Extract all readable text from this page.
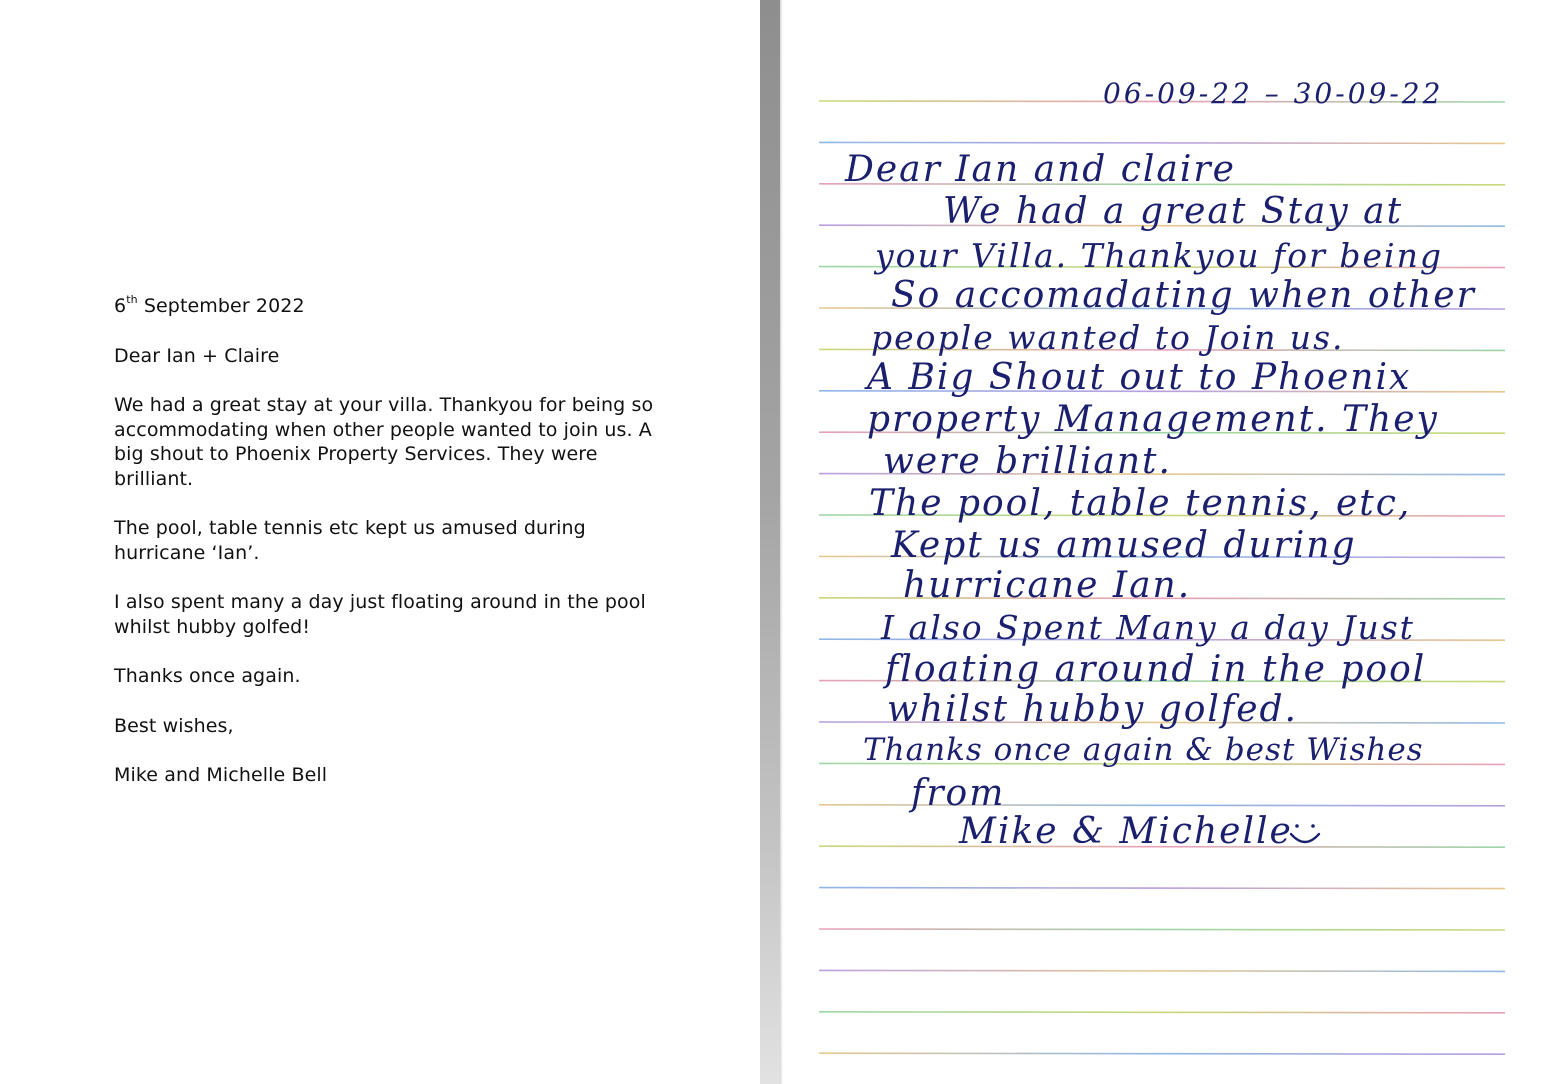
6th September 2022

Dear Ian + Claire

We had a great stay at your villa. Thankyou for being so accommodating when other people wanted to join us. A big shout to Phoenix Property Services. They were brilliant.

The pool, table tennis etc kept us amused during hurricane ‘Ian’.

I also spent many a day just floating around in the pool whilst hubby golfed!

Thanks once again.

Best wishes,

Mike and Michelle Bell

06-09-22 – 30-09-22
Dear Ian and claire
We had a great Stay at
your Villa. Thankyou for being
So accomadating when other
people wanted to Join us.
A Big Shout out to Phoenix
property Management. They
were brilliant.
The pool, table tennis, etc,
Kept us amused during
hurricane Ian.
I also Spent Many a day Just
floating around in the pool
whilst hubby golfed.
Thanks once again & best Wishes
from
Mike & Michelle
